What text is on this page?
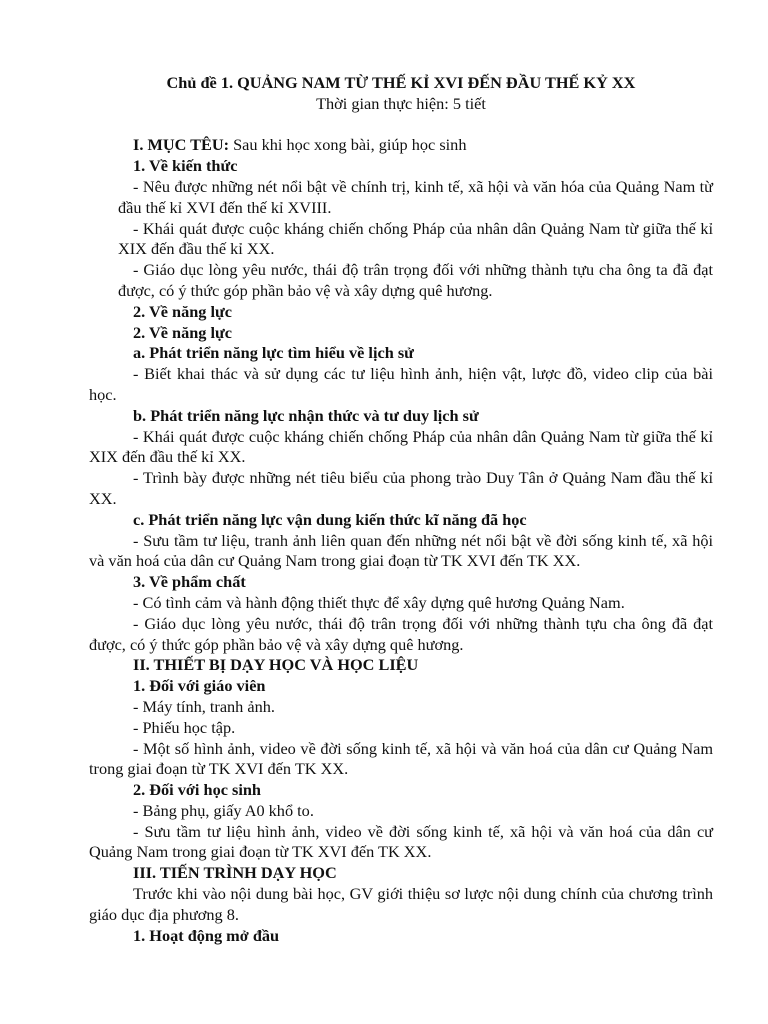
Chủ đề 1. QUẢNG NAM TỪ THẾ KỈ XVI ĐẾN ĐẦU THẾ KỶ XX
Thời gian thực hiện: 5 tiết

I. MỤC TÊU: Sau khi học xong bài, giúp học sinh

1. Về kiến thức

- Nêu được những nét nổi bật về chính trị, kinh tế, xã hội và văn hóa của Quảng Nam từ đầu thế kỉ XVI đến thế kỉ XVIII.

- Khái quát được cuộc kháng chiến chống Pháp của nhân dân Quảng Nam từ giữa thế kỉ XIX đến đầu thế kỉ XX.

- Giáo dục lòng yêu nước, thái độ trân trọng đối với những thành tựu cha ông ta đã đạt được, có ý thức góp phần bảo vệ và xây dựng quê hương.

2. Về năng lực

2. Về năng lực

a. Phát triển năng lực tìm hiểu về lịch sử

- Biết khai thác và sử dụng các tư liệu hình ảnh, hiện vật, lược đồ, video clip của bài học.

b. Phát triển năng lực nhận thức và tư duy lịch sử

- Khái quát được cuộc kháng chiến chống Pháp của nhân dân Quảng Nam từ giữa thế kỉ XIX đến đầu thế kỉ XX.

- Trình bày được những nét tiêu biểu của phong trào Duy Tân ở Quảng Nam đầu thế kỉ XX.

c. Phát triển năng lực vận dung kiến thức kĩ năng đã học

- Sưu tầm tư liệu, tranh ảnh liên quan đến những nét nổi bật về đời sống kinh tế, xã hội và văn hoá của dân cư Quảng Nam trong giai đoạn từ TK XVI đến TK XX.

3. Về phẩm chất

- Có tình cảm và hành động thiết thực để xây dựng quê hương Quảng Nam.

- Giáo dục lòng yêu nước, thái độ trân trọng đối với những thành tựu cha ông đã đạt được, có ý thức góp phần bảo vệ và xây dựng quê hương.

II. THIẾT BỊ DẠY HỌC VÀ HỌC LIỆU

1. Đối với giáo viên

- Máy tính, tranh ảnh.

- Phiếu học tập.

- Một số hình ảnh, video về đời sống kinh tế, xã hội và văn hoá của dân cư Quảng Nam trong giai đoạn từ TK XVI đến TK XX.

2. Đối với học sinh

- Bảng phụ, giấy A0 khổ to.

- Sưu tầm tư liệu hình ảnh, video về đời sống kinh tế, xã hội và văn hoá của dân cư Quảng Nam trong giai đoạn từ TK XVI đến TK XX.

III. TIẾN TRÌNH DẠY HỌC

Trước khi vào nội dung bài học, GV giới thiệu sơ lược nội dung chính của chương trình giáo dục địa phương 8.

1. Hoạt động mở đầu
